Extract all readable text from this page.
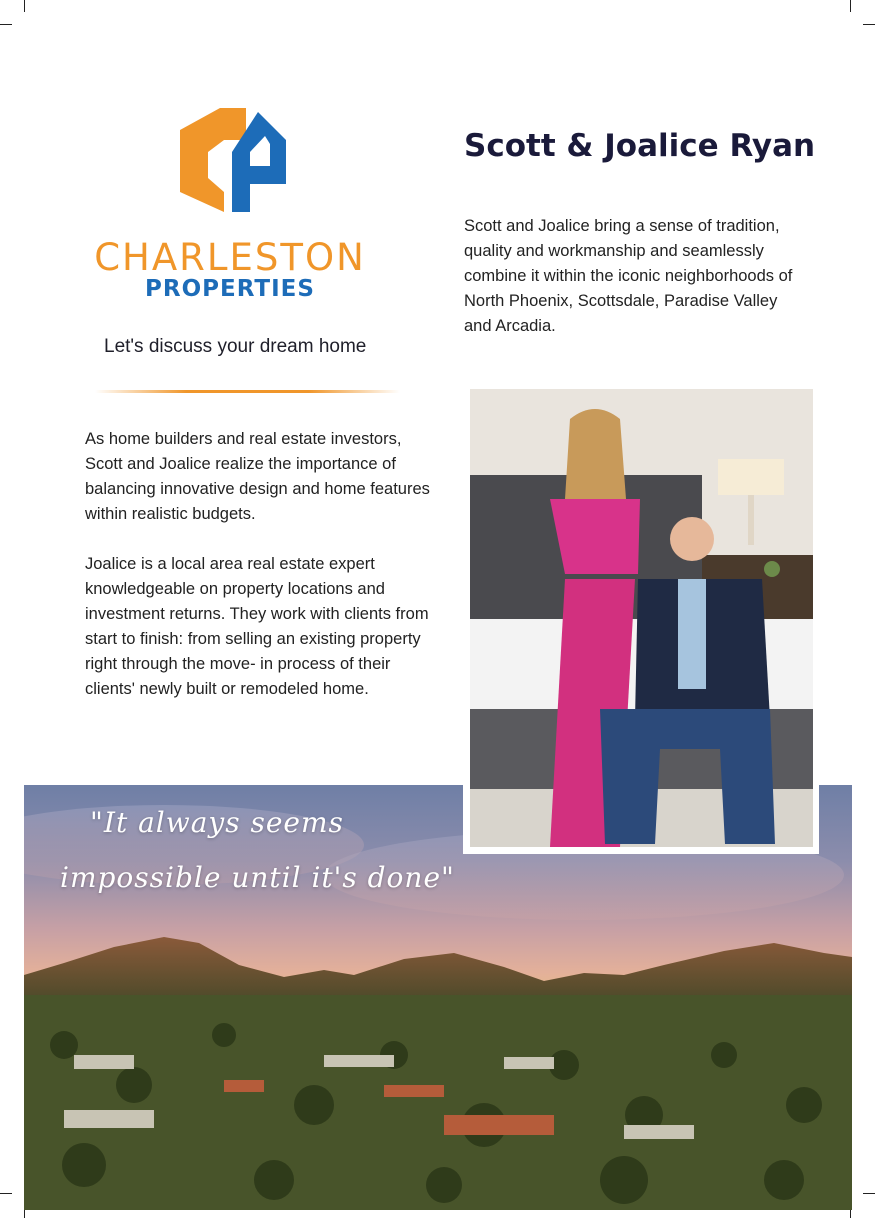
CHARLESTON
PROPERTIES
Let's discuss your dream home
Scott & Joalice Ryan
Scott and Joalice bring a sense of tradition, quality and workmanship and seamlessly combine it within the iconic neighborhoods of North Phoenix, Scottsdale, Paradise Valley and Arcadia.

As home builders and real estate investors, Scott and Joalice realize the importance of balancing innovative design and home features within realistic budgets.

Joalice is a local area real estate expert knowledgeable on property locations and investment returns. They work with clients from start to finish: from selling an existing property right through the move- in process of their clients' newly built or remodeled home.

"It always seems
impossible until it's done"
